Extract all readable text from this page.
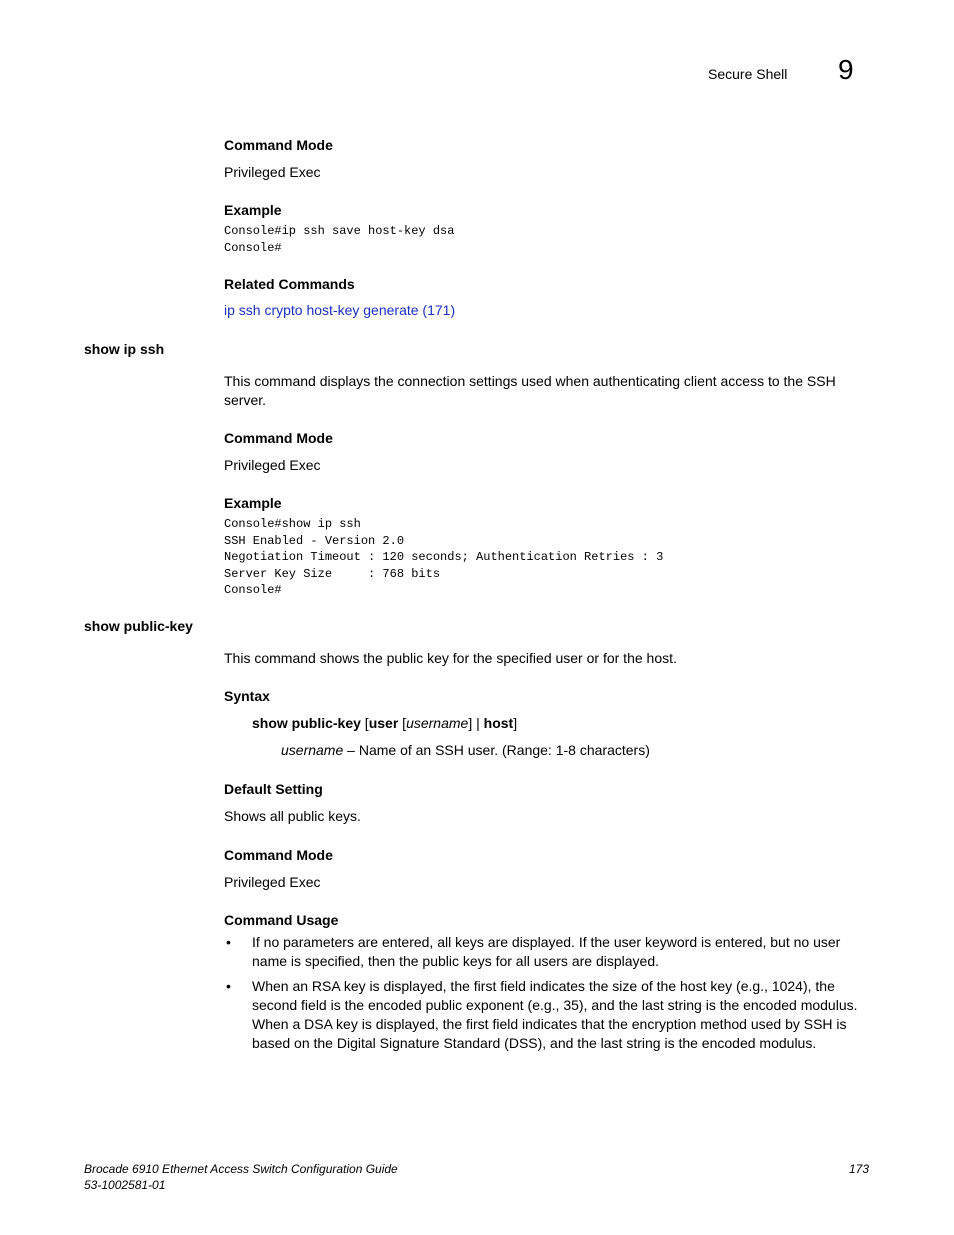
Secure Shell 9
Command Mode
Privileged Exec
Example
Console#ip ssh save host-key dsa
Console#
Related Commands
ip ssh crypto host-key generate (171)
show ip ssh
This command displays the connection settings used when authenticating client access to the SSH server.
Command Mode
Privileged Exec
Example
Console#show ip ssh
SSH Enabled - Version 2.0
Negotiation Timeout : 120 seconds; Authentication Retries : 3
Server Key Size     : 768 bits
Console#
show public-key
This command shows the public key for the specified user or for the host.
Syntax
show public-key [user [username] | host]
username – Name of an SSH user. (Range: 1-8 characters)
Default Setting
Shows all public keys.
Command Mode
Privileged Exec
Command Usage
• If no parameters are entered, all keys are displayed. If the user keyword is entered, but no user name is specified, then the public keys for all users are displayed.
• When an RSA key is displayed, the first field indicates the size of the host key (e.g., 1024), the second field is the encoded public exponent (e.g., 35), and the last string is the encoded modulus. When a DSA key is displayed, the first field indicates that the encryption method used by SSH is based on the Digital Signature Standard (DSS), and the last string is the encoded modulus.
Brocade 6910 Ethernet Access Switch Configuration Guide
53-1002581-01
173
